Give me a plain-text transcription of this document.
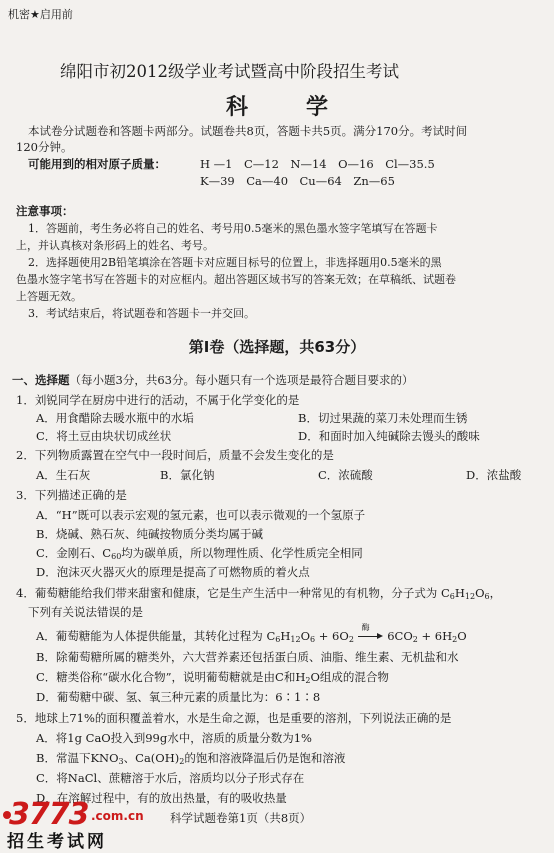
机密★启用前
绵阳市初2012级学业考试暨高中阶段招生考试
科　学
本试卷分试题卷和答题卡两部分。试题卷共8页，答题卡共5页。满分170分。考试时间
120分钟。
可能用到的相对原子质量：	H —1　C—12　N—14　O—16　Cl—35.5
K—39　Ca—40　Cu—64　Zn—65
注意事项：
1．答题前，考生务必将自己的姓名、考号用0.5毫米的黑色墨水签字笔填写在答题卡
上，并认真核对条形码上的姓名、考号。
2．选择题使用2B铅笔填涂在答题卡对应题目标号的位置上，非选择题用0.5毫米的黑
色墨水签字笔书写在答题卡的对应框内。超出答题区域书写的答案无效；在草稿纸、试题卷
上答题无效。
3．考试结束后，将试题卷和答题卡一并交回。
第Ⅰ卷（选择题，共63分）
一、选择题（每小题3分，共63分。每小题只有一个选项是最符合题目要求的）
1．刘锐同学在厨房中进行的活动，不属于化学变化的是
A．用食醋除去暖水瓶中的水垢	B．切过果蔬的菜刀未处理而生锈
C．将土豆由块状切成丝状	D．和面时加入纯碱除去馒头的酸味
2．下列物质露置在空气中一段时间后，质量不会发生变化的是
A．生石灰	B．氯化钠	C．浓硫酸	D．浓盐酸
3．下列描述正确的是
A．“H”既可以表示宏观的氢元素，也可以表示微观的一个氢原子
B．烧碱、熟石灰、纯碱按物质分类均属于碱
C．金刚石、$C_{60}$均为碳单质，所以物理性质、化学性质完全相同
D．泡沫灭火器灭火的原理是提高了可燃物质的着火点
4．葡萄糖能给我们带来甜蜜和健康，它是生产生活中一种常见的有机物，分子式为 $C_6H_{12}O_6$，
下列有关说法错误的是
A．葡萄糖能为人体提供能量，其转化过程为 $C_6H_{12}O_6 + 6O_2$
酶
$6CO_2 + 6H_2O$
B．除葡萄糖所属的糖类外，六大营养素还包括蛋白质、油脂、维生素、无机盐和水
C．糖类俗称“碳水化合物”，说明葡萄糖就是由C和$H_2O$组成的混合物
D．葡萄糖中碳、氢、氧三种元素的质量比为：6∶1∶8
5．地球上71%的面积覆盖着水，水是生命之源，也是重要的溶剂，下列说法正确的是
A．将1g CaO投入到99g水中，溶质的质量分数为1%
B．常温下$KNO_3$、$Ca(OH)_2$的饱和溶液降温后仍是饱和溶液
C．将NaCl、蔗糖溶于水后，溶质均以分子形式存在
D．在溶解过程中，有的放出热量，有的吸收热量
科学试题卷第1页（共8页）
3773 .com.cn
招生考试网
